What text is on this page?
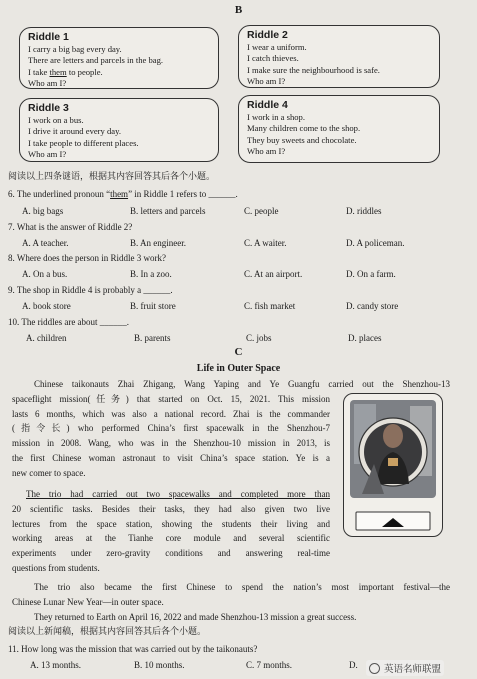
B
Riddle 1
I carry a big bag every day.
There are letters and parcels in the bag.
I take them to people.
Who am I?
Riddle 2
I wear a uniform.
I catch thieves.
I make sure the neighbourhood is safe.
Who am I?
Riddle 3
I work on a bus.
I drive it around every day.
I take people to different places.
Who am I?
Riddle 4
I work in a shop.
Many children come to the shop.
They buy sweets and chocolate.
Who am I?
阅读以上四条谜语，根据其内容回答其后各个小题。
6. The underlined pronoun “them” in Riddle 1 refers to ______.
A. big bags	B. letters and parcels	C. people	D. riddles
7. What is the answer of Riddle 2?
A. A teacher.	B. An engineer.	C. A waiter.	D. A policeman.
8. Where does the person in Riddle 3 work?
A. On a bus.	B. In a zoo.	C. At an airport.	D. On a farm.
9. The shop in Riddle 4 is probably a ______.
A. book store	B. fruit store	C. fish market	D. candy store
10. The riddles are about ______.
A. children	B. parents	C. jobs	D. places
C
Life in Outer Space
Chinese taikonauts Zhai Zhigang, Wang Yaping and Ye Guangfu carried out the Shenzhou-13
spaceflight mission(任务) that started on Oct. 15, 2021. This mission
lasts 6 months, which was also a national record. Zhai is the commander
(指令长) who performed China’s first spacewalk in the Shenzhou-7
mission in 2008. Wang, who was in the Shenzhou-10 mission in 2013, is
the first Chinese woman astronaut to visit China’s space station. Ye is a
new comer to space.
The trio had carried out two spacewalks and completed more than
20 scientific tasks. Besides their tasks, they had also given two live
lectures from the space station, showing the students their living and
working areas at the Tianhe core module and several scientific
experiments under zero-gravity conditions and answering real-time
questions from students.
The trio also became the first Chinese to spend the nation’s most important festival—the
Chinese Lunar New Year—in outer space.
They returned to Earth on April 16, 2022 and made Shenzhou-13 mission a great success.
阅读以上新闻稿，根据其内容回答其后各个小题。
11. How long was the mission that was carried out by the taikonauts?
A. 13 months.	B. 10 months.	C. 7 months.	D.	英语名师联盟
